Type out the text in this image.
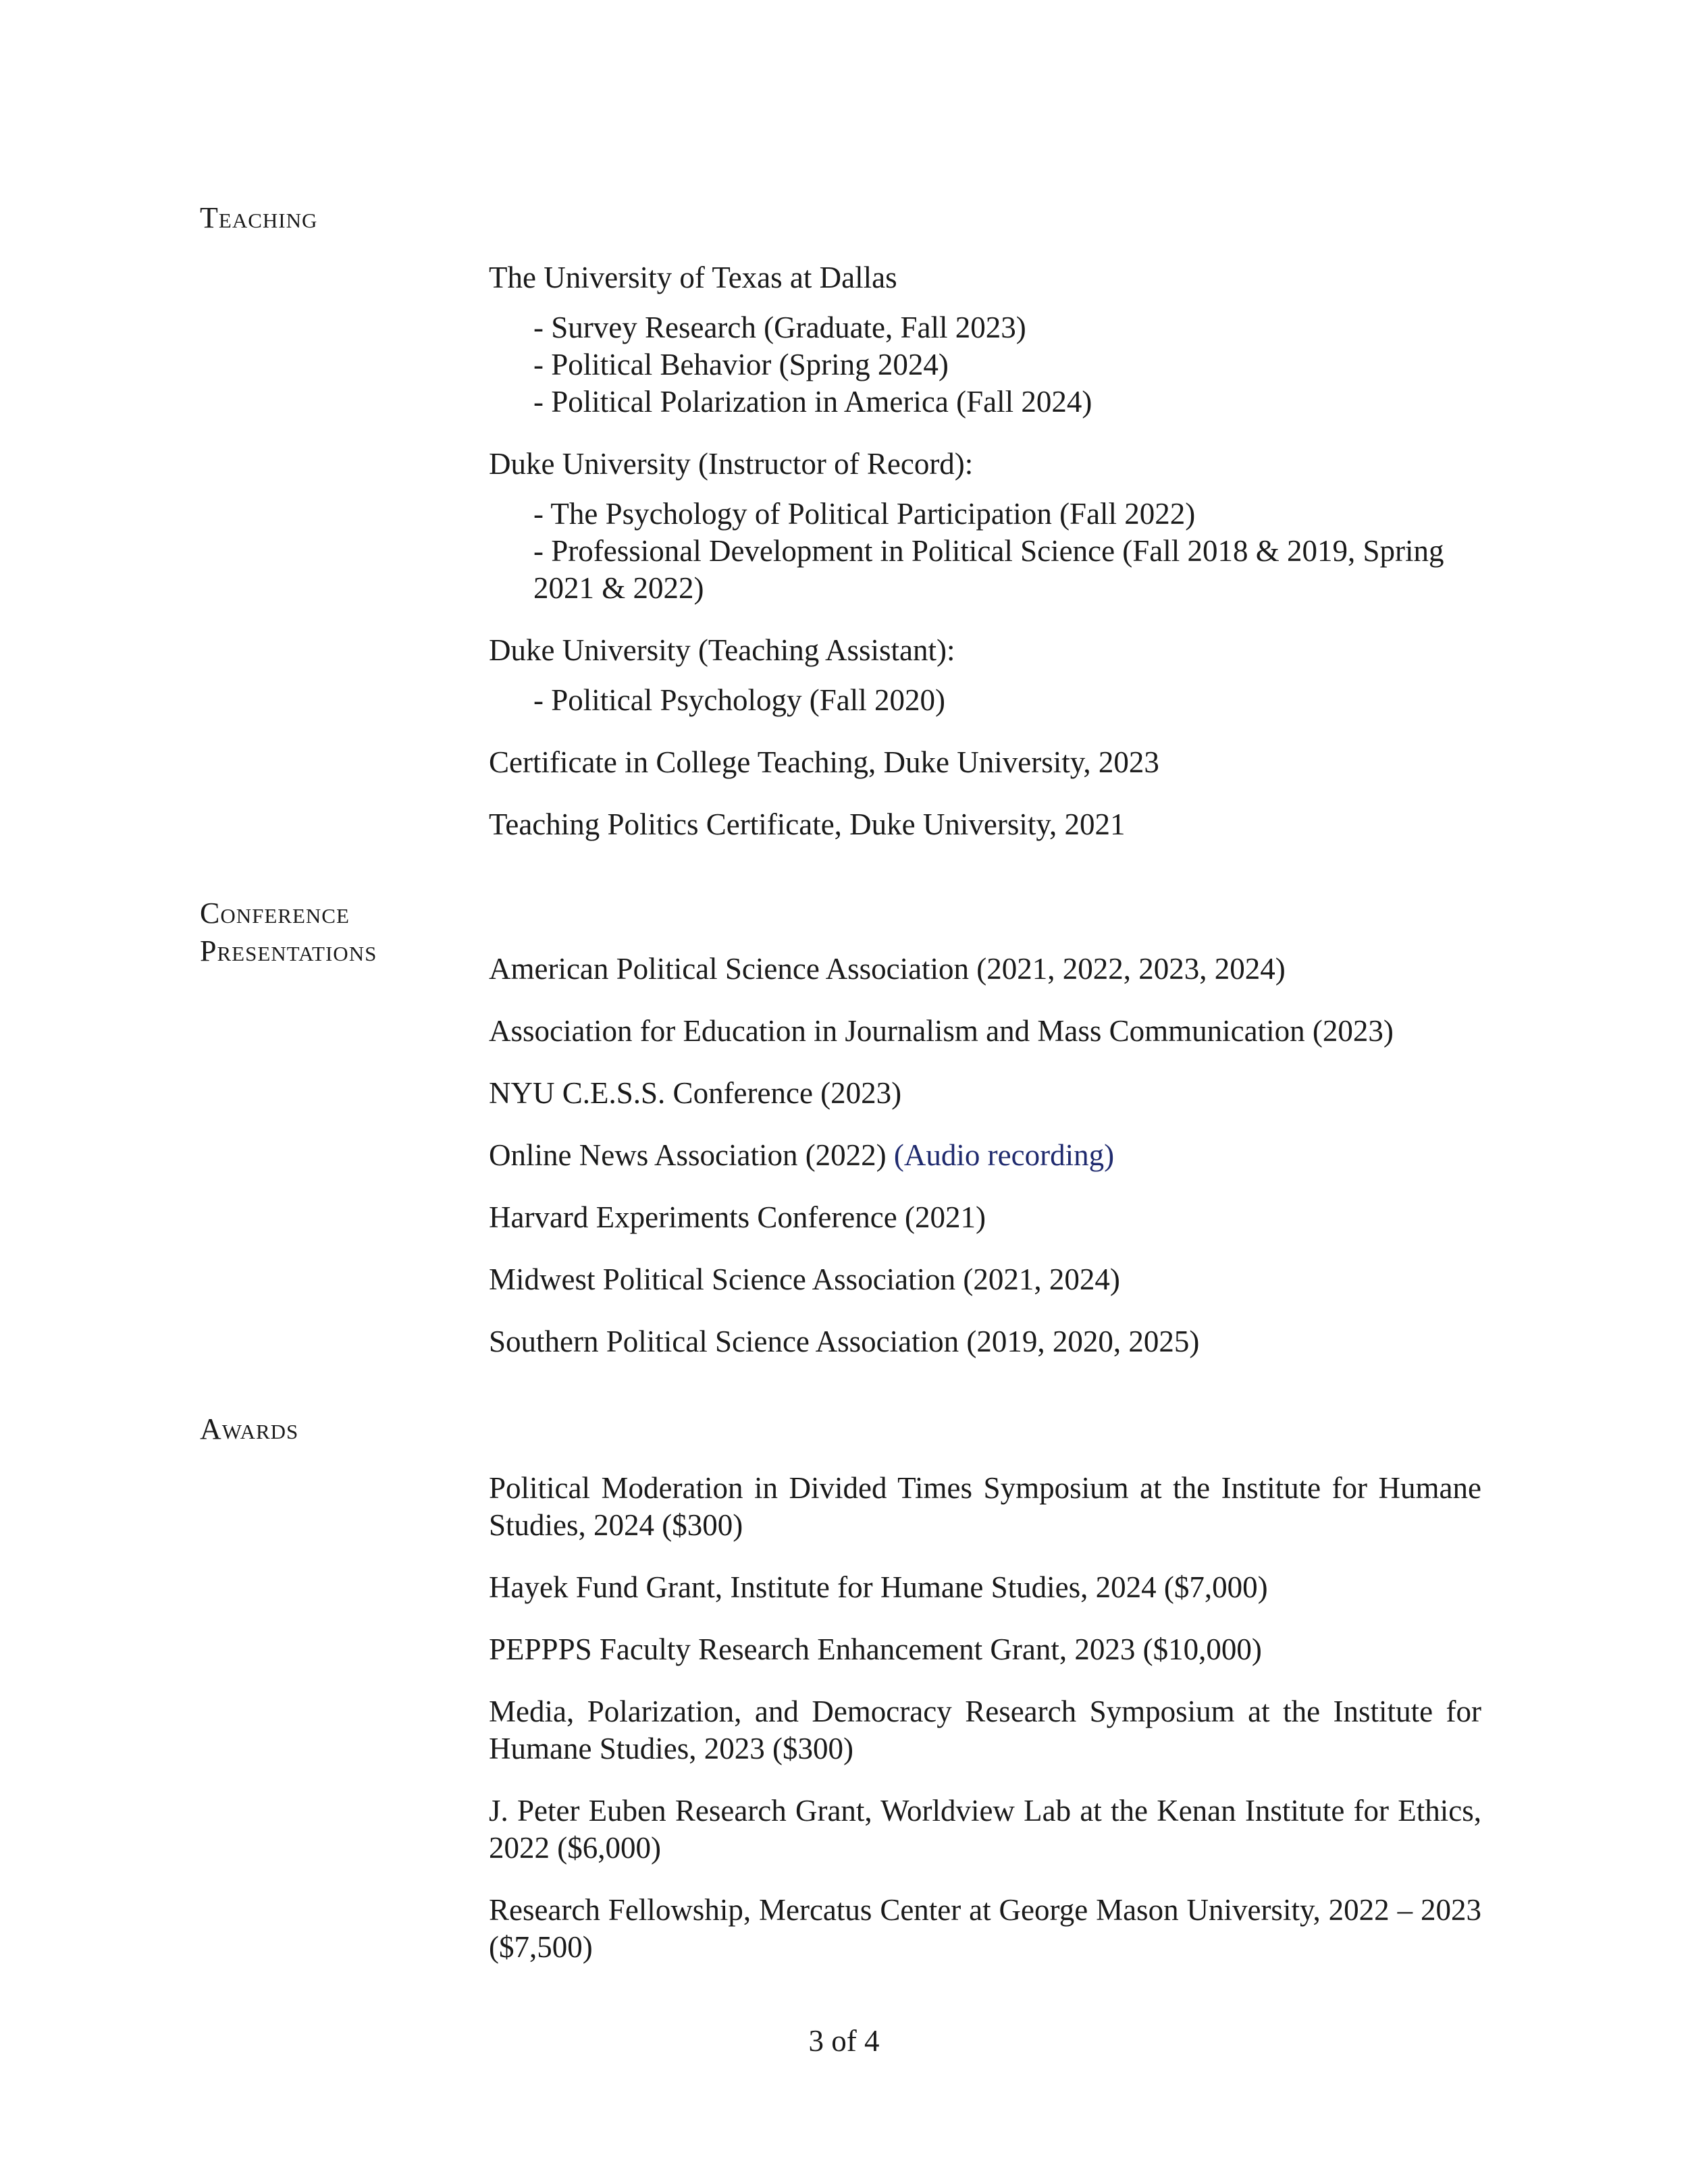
Teaching
The University of Texas at Dallas
- Survey Research (Graduate, Fall 2023)
- Political Behavior (Spring 2024)
- Political Polarization in America (Fall 2024)
Duke University (Instructor of Record):
- The Psychology of Political Participation (Fall 2022)
- Professional Development in Political Science (Fall 2018 & 2019, Spring 2021 & 2022)
Duke University (Teaching Assistant):
- Political Psychology (Fall 2020)
Certificate in College Teaching, Duke University, 2023
Teaching Politics Certificate, Duke University, 2021
Conference
Presentations
American Political Science Association (2021, 2022, 2023, 2024)
Association for Education in Journalism and Mass Communication (2023)
NYU C.E.S.S. Conference (2023)
Online News Association (2022) (Audio recording)
Harvard Experiments Conference (2021)
Midwest Political Science Association (2021, 2024)
Southern Political Science Association (2019, 2020, 2025)
Awards
Political Moderation in Divided Times Symposium at the Institute for Humane Studies, 2024 ($300)
Hayek Fund Grant, Institute for Humane Studies, 2024 ($7,000)
PEPPPS Faculty Research Enhancement Grant, 2023 ($10,000)
Media, Polarization, and Democracy Research Symposium at the Institute for Humane Studies, 2023 ($300)
J. Peter Euben Research Grant, Worldview Lab at the Kenan Institute for Ethics, 2022 ($6,000)
Research Fellowship, Mercatus Center at George Mason University, 2022 – 2023 ($7,500)
3 of 4
